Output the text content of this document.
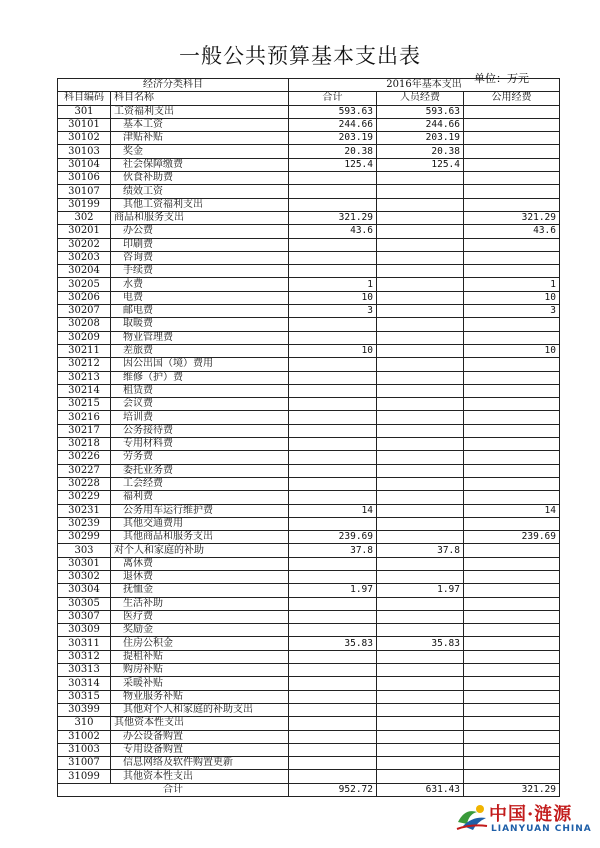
一般公共预算基本支出表
单位：万元
经济分类科目		2016年基本支出		
科目编码	科目名称	合计	人员经费	公用经费
301	工资福利支出	593.63	593.63	
30101	基本工资	244.66	244.66	
30102	津贴补贴	203.19	203.19	
30103	奖金	20.38	20.38	
30104	社会保障缴费	125.4	125.4	
30106	伙食补助费			
30107	绩效工资			
30199	其他工资福利支出			
302	商品和服务支出	321.29		321.29
30201	办公费	43.6		43.6
30202	印刷费			
30203	咨询费			
30204	手续费			
30205	水费	1		1
30206	电费	10		10
30207	邮电费	3		3
30208	取暖费			
30209	物业管理费			
30211	差旅费	10		10
30212	因公出国（境）费用			
30213	维修（护）费			
30214	租赁费			
30215	会议费			
30216	培训费			
30217	公务接待费			
30218	专用材料费			
30226	劳务费			
30227	委托业务费			
30228	工会经费			
30229	福利费			
30231	公务用车运行维护费	14		14
30239	其他交通费用			
30299	其他商品和服务支出	239.69		239.69
303	对个人和家庭的补助	37.8	37.8	
30301	离休费			
30302	退休费			
30304	抚恤金	1.97	1.97	
30305	生活补助			
30307	医疗费			
30309	奖励金			
30311	住房公积金	35.83	35.83	
30312	提租补贴			
30313	购房补贴			
30314	采暖补贴			
30315	物业服务补贴			
30399	其他对个人和家庭的补助支出			
310	其他资本性支出			
31002	办公设备购置			
31003	专用设备购置			
31007	信息网络及软件购置更新			
31099	其他资本性支出			
合计		952.72	631.43	321.29
中国·涟源
LIANYUAN CHINA
